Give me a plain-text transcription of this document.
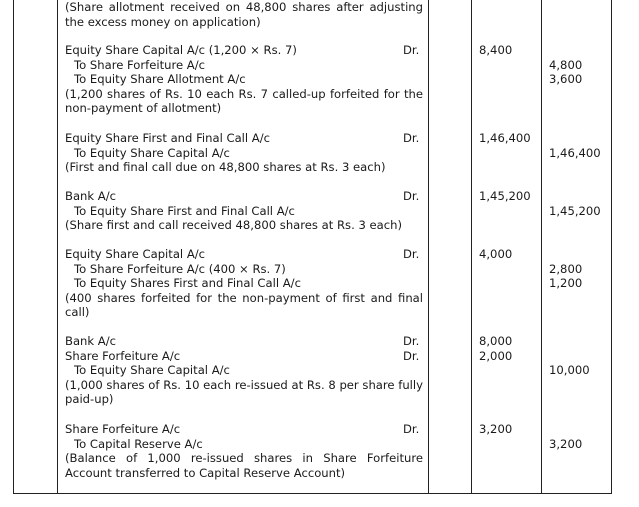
(Share allotment received on 48,800 shares after adjusting the excess money on application)
Equity Share Capital A/c (1,200 × Rs. 7)	Dr.	8,400
To Share Forfeiture A/c	4,800
To Equity Share Allotment A/c	3,600
(1,200 shares of Rs. 10 each Rs. 7 called-up forfeited for the non-payment of allotment)
Equity Share First and Final Call A/c	Dr.	1,46,400
To Equity Share Capital A/c	1,46,400
(First and final call due on 48,800 shares at Rs. 3 each)
Bank A/c	Dr.	1,45,200
To Equity Share First and Final Call A/c	1,45,200
(Share first and call received 48,800 shares at Rs. 3 each)
Equity Share Capital A/c	Dr.	4,000
To Share Forfeiture A/c (400 × Rs. 7)	2,800
To Equity Shares First and Final Call A/c	1,200
(400 shares forfeited for the non-payment of first and final call)
Bank A/c	Dr.	8,000
Share Forfeiture A/c	Dr.	2,000
To Equity Share Capital A/c	10,000
(1,000 shares of Rs. 10 each re-issued at Rs. 8 per share fully paid-up)
Share Forfeiture A/c	Dr.	3,200
To Capital Reserve A/c	3,200
(Balance of 1,000 re-issued shares in Share Forfeiture Account transferred to Capital Reserve Account)
